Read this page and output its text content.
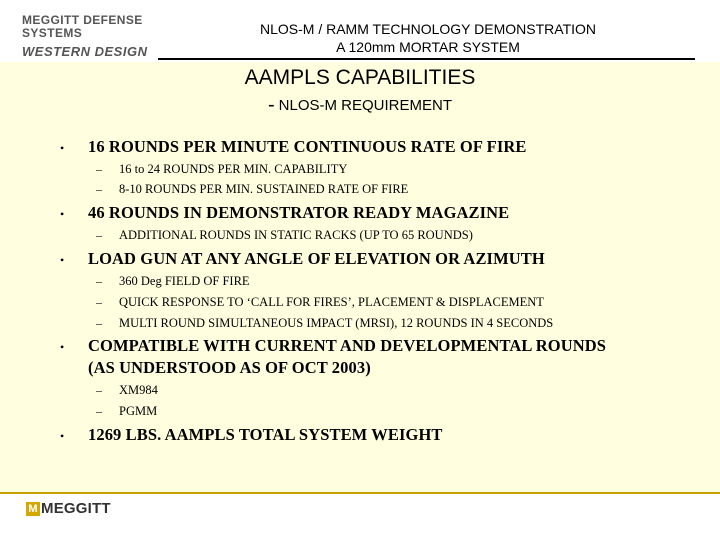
MEGGITT DEFENSE
SYSTEMS
WESTERN DESIGN
NLOS-M / RAMM TECHNOLOGY DEMONSTRATION
A 120mm MORTAR SYSTEM
AAMPLS CAPABILITIES
- NLOS-M REQUIREMENT
• 16 ROUNDS PER MINUTE CONTINUOUS RATE OF FIRE
– 16 to 24 ROUNDS PER MIN. CAPABILITY
– 8-10 ROUNDS PER MIN. SUSTAINED RATE OF FIRE
• 46 ROUNDS IN DEMONSTRATOR READY MAGAZINE
– ADDITIONAL ROUNDS IN STATIC RACKS (UP TO 65 ROUNDS)
• LOAD GUN AT ANY ANGLE OF ELEVATION OR AZIMUTH
– 360 Deg FIELD OF FIRE
– QUICK RESPONSE TO ‘CALL FOR FIRES’, PLACEMENT & DISPLACEMENT
– MULTI ROUND SIMULTANEOUS IMPACT (MRSI), 12 ROUNDS IN 4 SECONDS
• COMPATIBLE WITH CURRENT AND DEVELOPMENTAL ROUNDS
(AS UNDERSTOOD AS OF OCT 2003)
– XM984
– PGMM
• 1269 LBS. AAMPLS TOTAL SYSTEM WEIGHT
M MEGGITT
